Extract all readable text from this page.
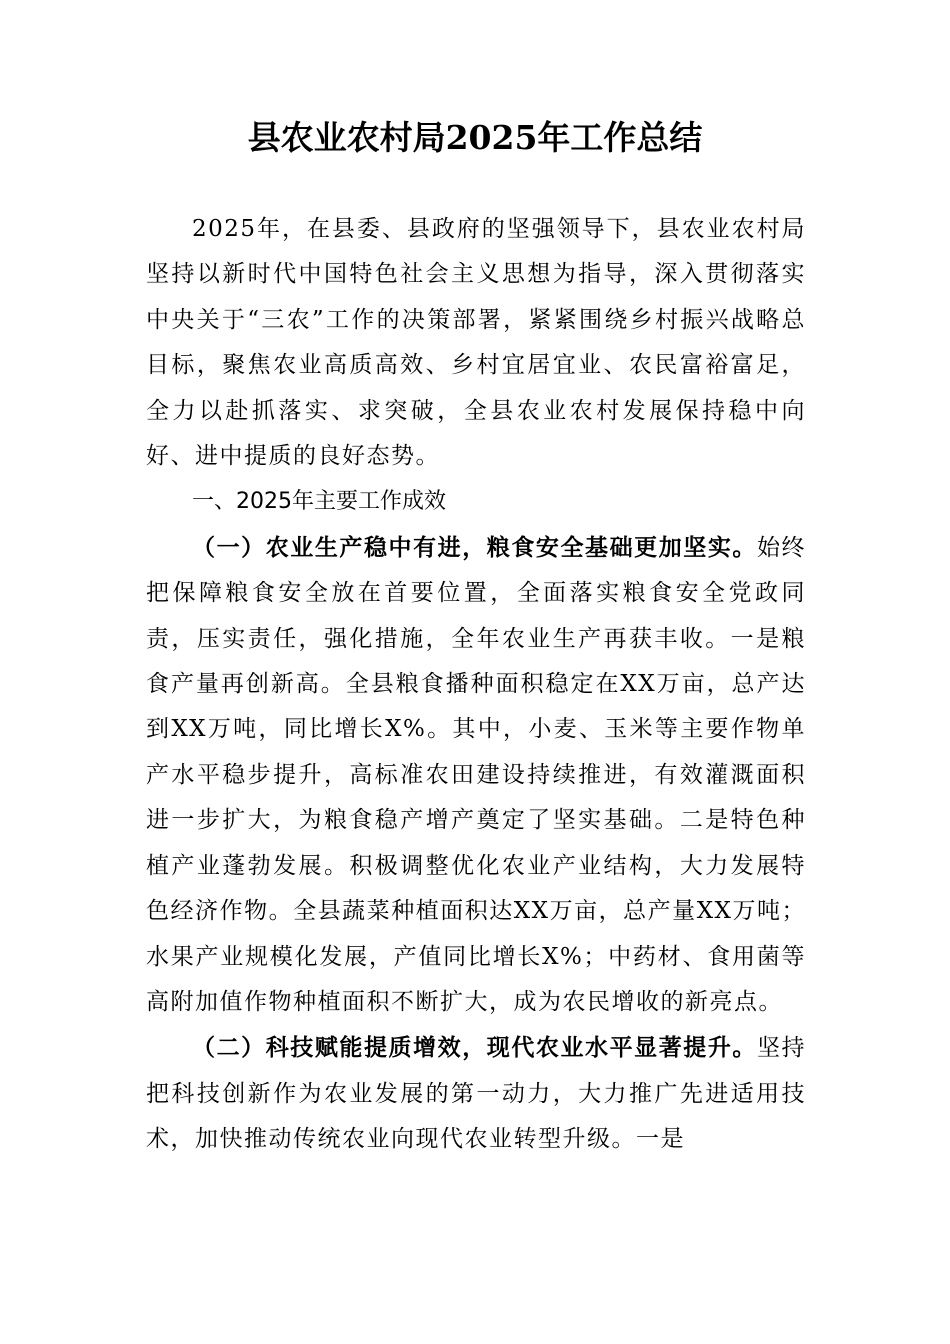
县农业农村局2025年工作总结

2025年，在县委、县政府的坚强领导下，县农业农村局坚持以新时代中国特色社会主义思想为指导，深入贯彻落实中央关于“三农”工作的决策部署，紧紧围绕乡村振兴战略总目标，聚焦农业高质高效、乡村宜居宜业、农民富裕富足，全力以赴抓落实、求突破，全县农业农村发展保持稳中向好、进中提质的良好态势。

一、2025年主要工作成效

（一）农业生产稳中有进，粮食安全基础更加坚实。始终把保障粮食安全放在首要位置，全面落实粮食安全党政同责，压实责任，强化措施，全年农业生产再获丰收。一是粮食产量再创新高。全县粮食播种面积稳定在XX万亩，总产达到XX万吨，同比增长X%。其中，小麦、玉米等主要作物单产水平稳步提升，高标准农田建设持续推进，有效灌溉面积进一步扩大，为粮食稳产增产奠定了坚实基础。二是特色种植产业蓬勃发展。积极调整优化农业产业结构，大力发展特色经济作物。全县蔬菜种植面积达XX万亩，总产量XX万吨；水果产业规模化发展，产值同比增长X%；中药材、食用菌等高附加值作物种植面积不断扩大，成为农民增收的新亮点。

（二）科技赋能提质增效，现代农业水平显著提升。坚持把科技创新作为农业发展的第一动力，大力推广先进适用技术，加快推动传统农业向现代农业转型升级。一是
